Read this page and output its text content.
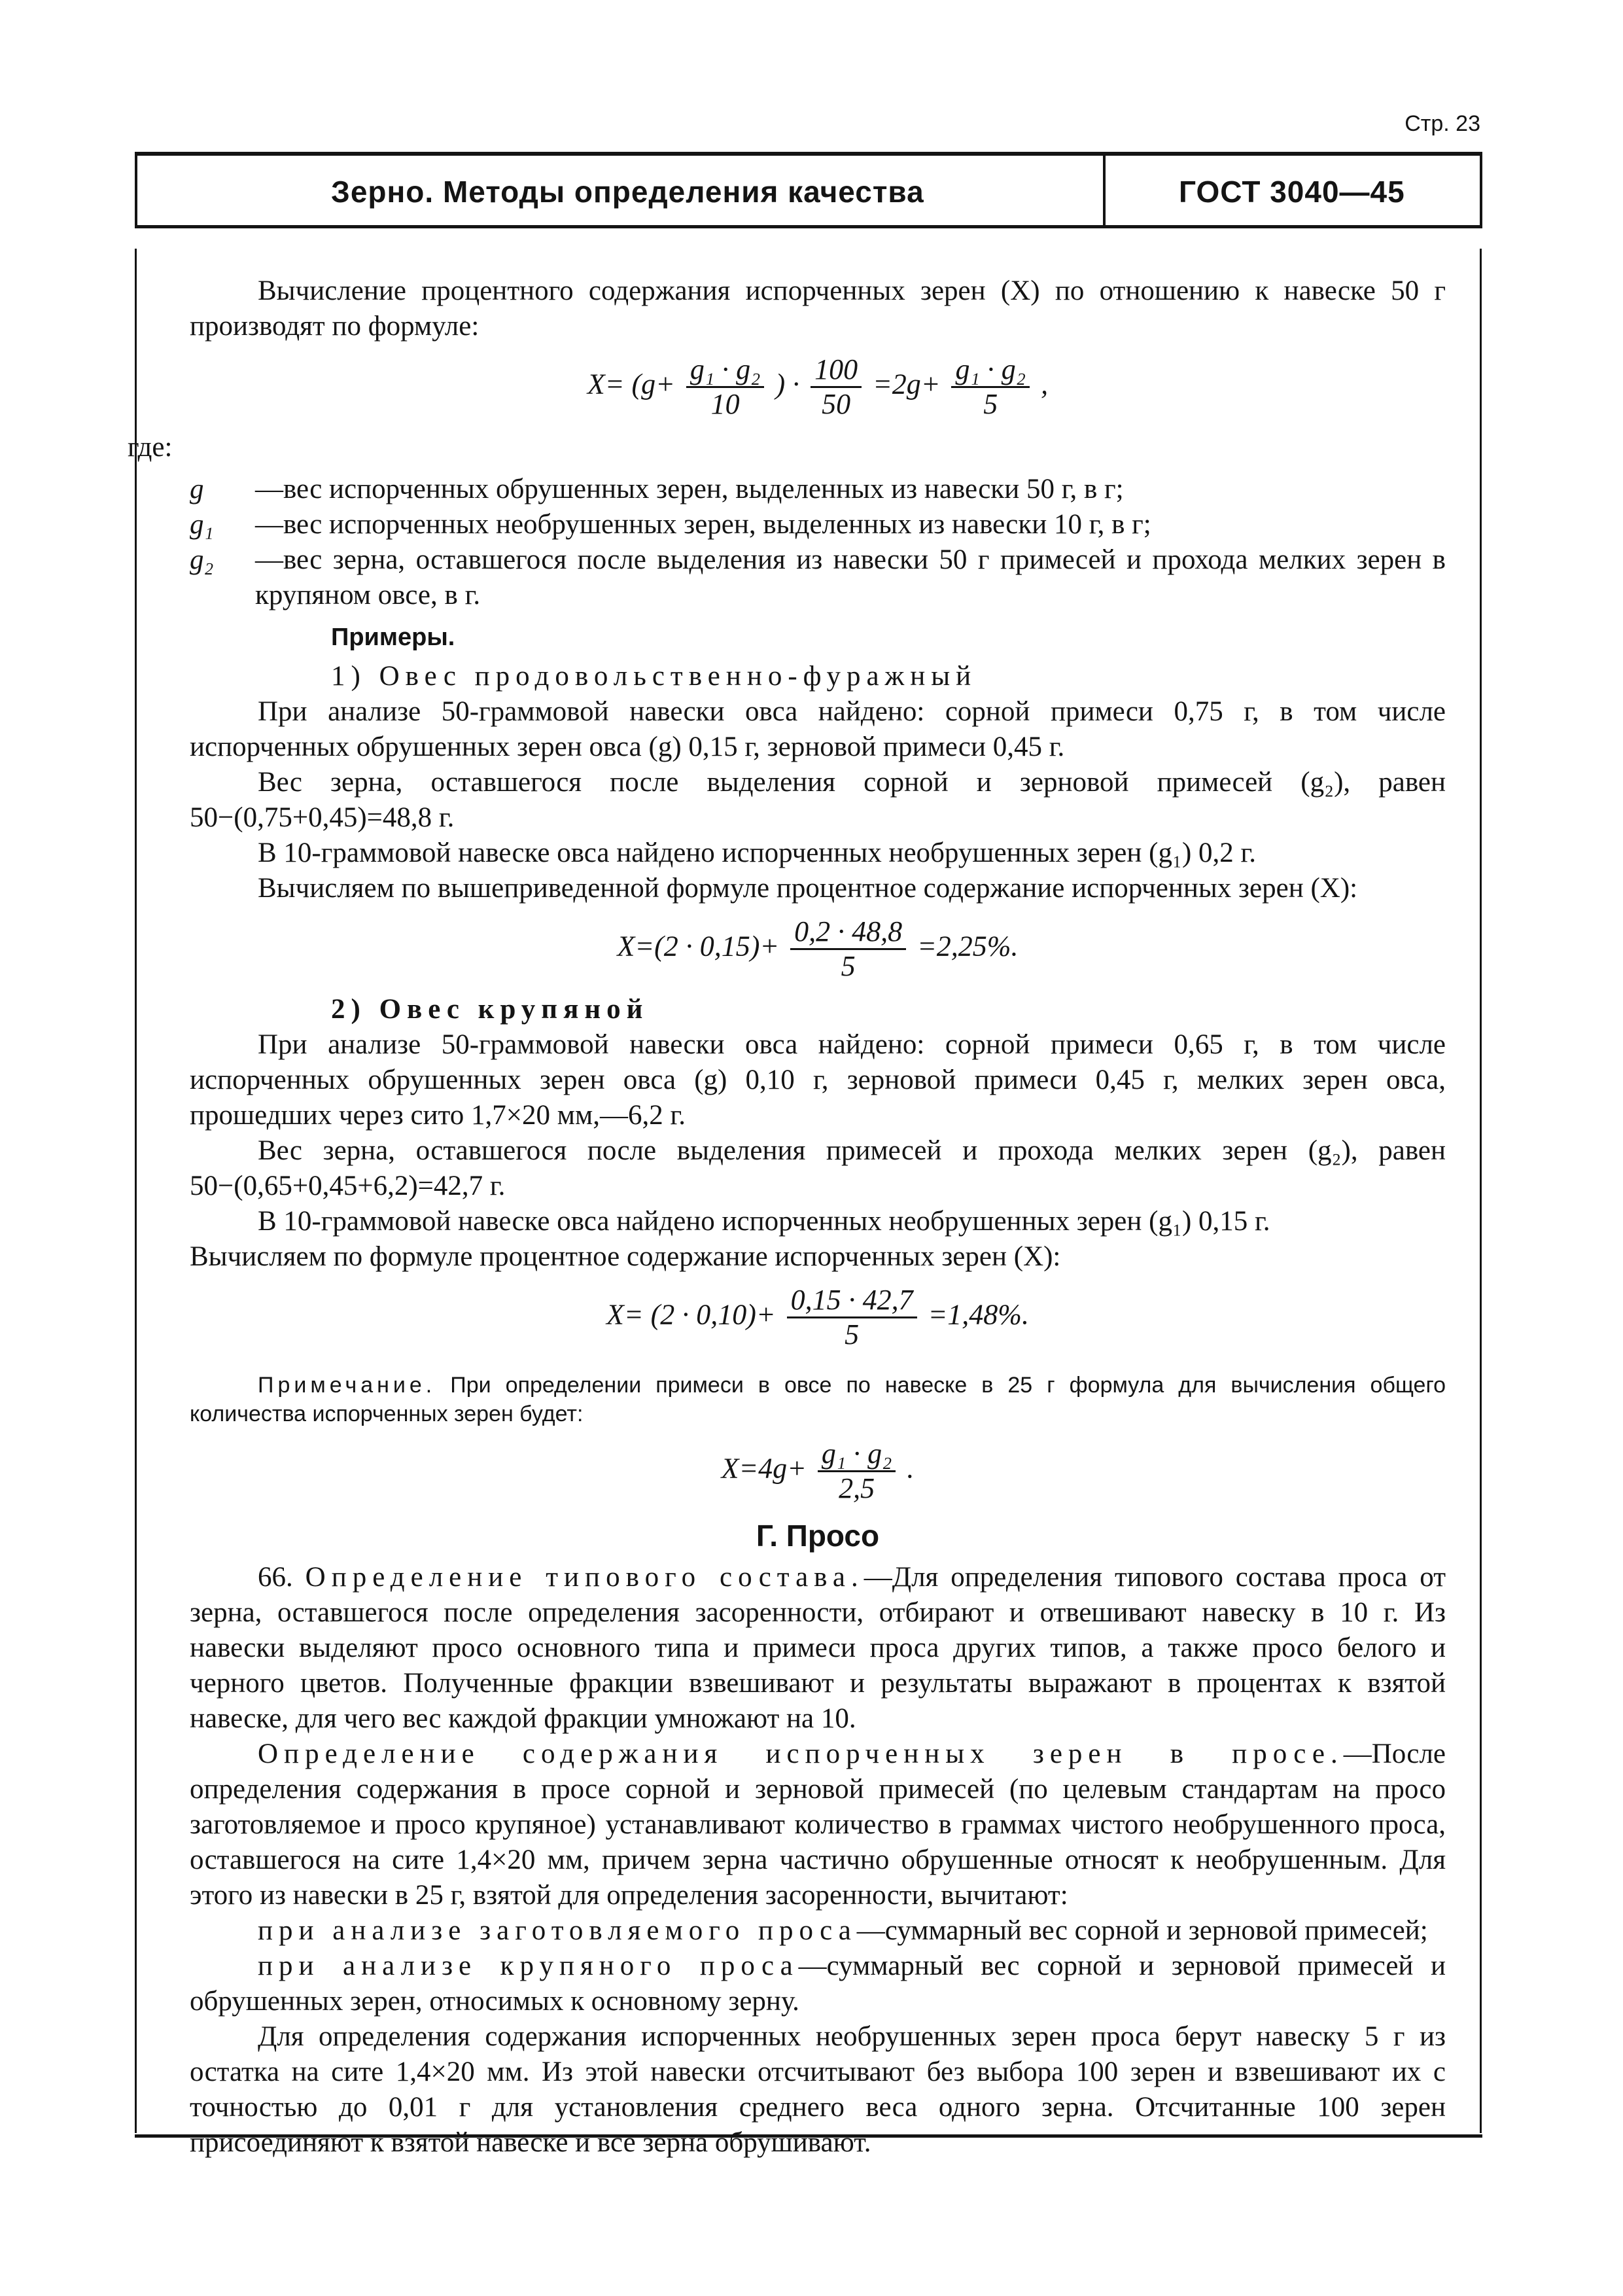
Стр. 23
Зерно. Методы определения качества	ГОСТ 3040—45

Вычисление процентного содержания испорченных зерен (X) по отношению к навеске 50 г производят по формуле:

$X= (g+ \frac{\text{g₁ · g₂}}{10}$ ) · $\frac{100}{50} =2g+ \frac{\text{g₁ · g₂}}{5}$ ,
где:
g	—вес испорченных обрушенных зерен, выделенных из навески 50 г, в г;
g₁	—вес испорченных необрушенных зерен, выделенных из навески 10 г, в г;
g₂	—вес зерна, оставшегося после выделения из навески 50 г примесей и прохода мелких зерен в крупяном овсе, в г.
Примеры.
1) Овес продовольственно-фуражный

При анализе 50-граммовой навески овса найдено: сорной примеси 0,75 г, в том числе испорченных обрушенных зерен овса (g) 0,15 г, зерновой примеси 0,45 г.

Вес зерна, оставшегося после выделения сорной и зерновой примесей (g₂), равен 50−(0,75+0,45)=48,8 г.

В 10-граммовой навеске овса найдено испорченных необрушенных зерен (g₁) 0,2 г.

Вычисляем по вышеприведенной формуле процентное содержание испорченных зерен (X):

$X=(2 \cdot 0,15)+ \frac{0,2 \cdot 48,8}{5} =2,25\%$.
2) Овес крупяной

При анализе 50-граммовой навески овса найдено: сорной примеси 0,65 г, в том числе испорченных обрушенных зерен овса (g) 0,10 г, зерновой примеси 0,45 г, мелких зерен овса, прошедших через сито 1,7×20 мм,—6,2 г.

Вес зерна, оставшегося после выделения примесей и прохода мелких зерен (g₂), равен 50−(0,65+0,45+6,2)=42,7 г.

В 10-граммовой навеске овса найдено испорченных необрушенных зерен (g₁) 0,15 г.

Вычисляем по формуле процентное содержание испорченных зерен (X):

$X= (2 \cdot 0,10)+ \frac{0,15 \cdot 42,7}{5} =1,48\%$.

Примечание. При определении примеси в овсе по навеске в 25 г формула для вычисления общего количества испорченных зерен будет:

$X=4g+ \frac{\text{g₁ · g₂}}{2,5}$ .
Г. Просо

66. Определение типового состава.—Для определения типового состава проса от зерна, оставшегося после определения засоренности, отбирают и отвешивают навеску в 10 г. Из навески выделяют просо основного типа и примеси проса других типов, а также просо белого и черного цветов. Полученные фракции взвешивают и результаты выражают в процентах к взятой навеске, для чего вес каждой фракции умножают на 10.

Определение содержания испорченных зерен в просе.—После определения содержания в просе сорной и зерновой примесей (по целевым стандартам на просо заготовляемое и просо крупяное) устанавливают количество в граммах чистого необрушенного проса, оставшегося на сите 1,4×20 мм, причем зерна частично обрушенные относят к необрушенным. Для этого из навески в 25 г, взятой для определения засоренности, вычитают:

при анализе заготовляемого проса—суммарный вес сорной и зерновой примесей;

при анализе крупяного проса—суммарный вес сорной и зерновой примесей и обрушенных зерен, относимых к основному зерну.

Для определения содержания испорченных необрушенных зерен проса берут навеску 5 г из остатка на сите 1,4×20 мм. Из этой навески отсчитывают без выбора 100 зерен и взвешивают их с точностью до 0,01 г для установления среднего веса одного зерна. Отсчитанные 100 зерен присоединяют к взятой навеске и все зерна обрушивают.
